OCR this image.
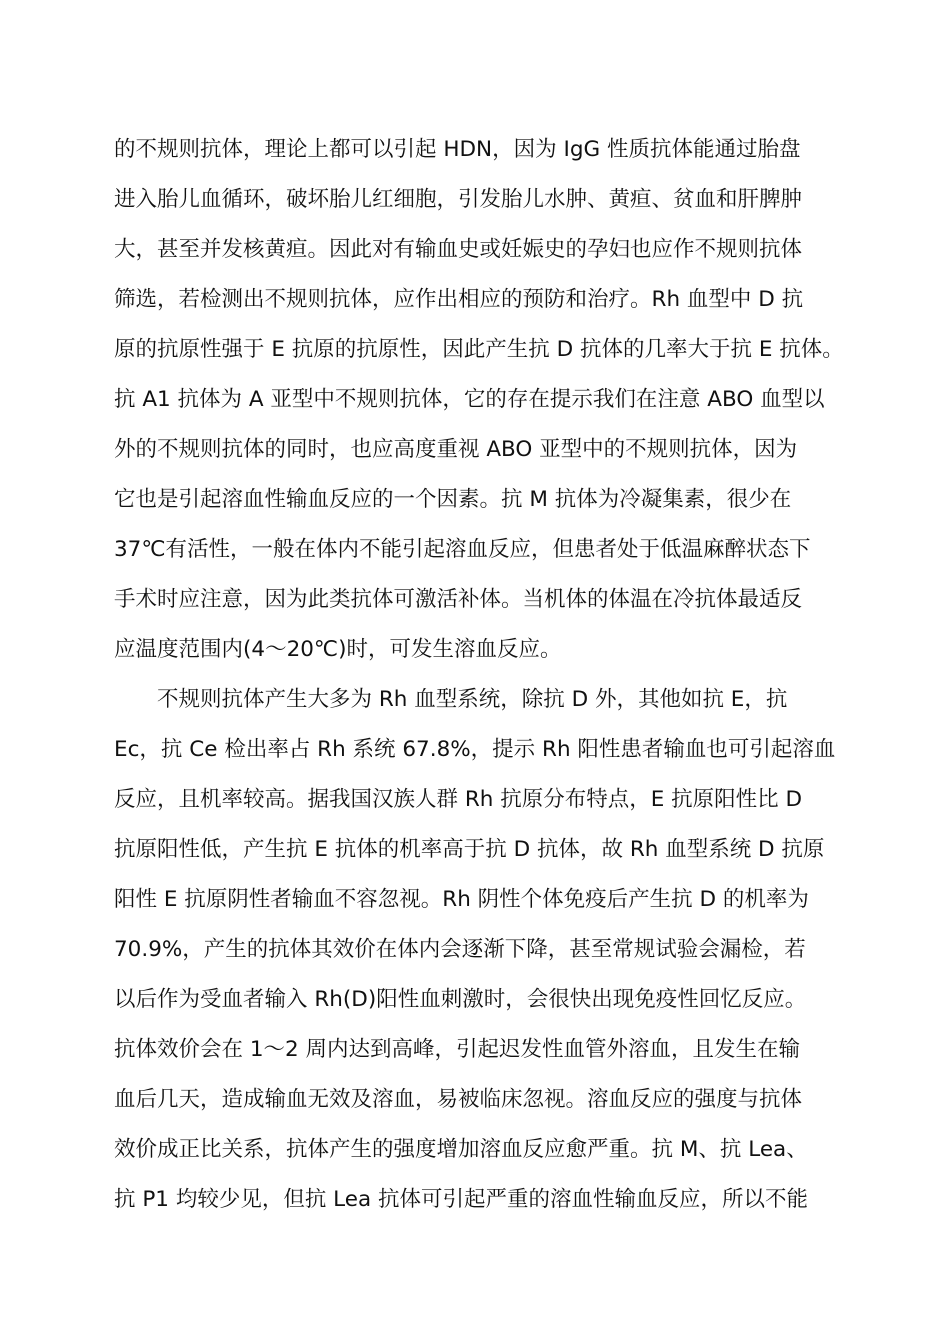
的不规则抗体，理论上都可以引起 HDN，因为 IgG 性质抗体能通过胎盘
进入胎儿血循环，破坏胎儿红细胞，引发胎儿水肿、黄疸、贫血和肝脾肿
大，甚至并发核黄疸。因此对有输血史或妊娠史的孕妇也应作不规则抗体
筛选，若检测出不规则抗体，应作出相应的预防和治疗。Rh 血型中 D 抗
原的抗原性强于 E 抗原的抗原性，因此产生抗 D 抗体的几率大于抗 E 抗体。
抗 A1 抗体为 A 亚型中不规则抗体，它的存在提示我们在注意 ABO 血型以
外的不规则抗体的同时，也应高度重视 ABO 亚型中的不规则抗体，因为
它也是引起溶血性输血反应的一个因素。抗 M 抗体为冷凝集素，很少在
37℃有活性，一般在体内不能引起溶血反应，但患者处于低温麻醉状态下
手术时应注意，因为此类抗体可激活补体。当机体的体温在冷抗体最适反
应温度范围内(4～20℃)时，可发生溶血反应。
不规则抗体产生大多为 Rh 血型系统，除抗 D 外，其他如抗 E，抗
Ec，抗 Ce 检出率占 Rh 系统 67.8%，提示 Rh 阳性患者输血也可引起溶血
反应，且机率较高。据我国汉族人群 Rh 抗原分布特点，E 抗原阳性比 D
抗原阳性低，产生抗 E 抗体的机率高于抗 D 抗体，故 Rh 血型系统 D 抗原
阳性 E 抗原阴性者输血不容忽视。Rh 阴性个体免疫后产生抗 D 的机率为
70.9%，产生的抗体其效价在体内会逐渐下降，甚至常规试验会漏检，若
以后作为受血者输入 Rh(D)阳性血刺激时，会很快出现免疫性回忆反应。
抗体效价会在 1～2 周内达到高峰，引起迟发性血管外溶血，且发生在输
血后几天，造成输血无效及溶血，易被临床忽视。溶血反应的强度与抗体
效价成正比关系，抗体产生的强度增加溶血反应愈严重。抗 M、抗 Lea、
抗 P1 均较少见，但抗 Lea 抗体可引起严重的溶血性输血反应，所以不能
